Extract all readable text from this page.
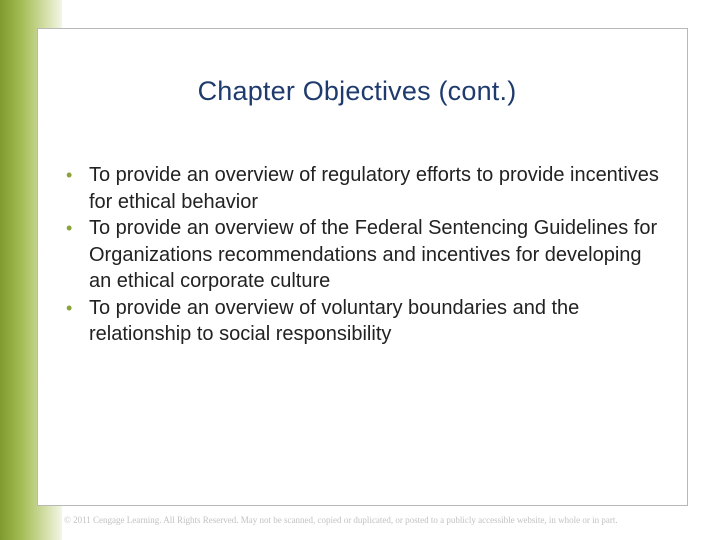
Chapter Objectives (cont.)
• To provide an overview of regulatory efforts to provide incentives for ethical behavior
• To provide an overview of the Federal Sentencing Guidelines for Organizations recommendations and incentives for developing an ethical corporate culture
• To provide an overview of voluntary boundaries and the relationship to social responsibility

© 2011 Cengage Learning. All Rights Reserved. May not be scanned, copied or duplicated, or posted to a publicly accessible website, in whole or in part.
